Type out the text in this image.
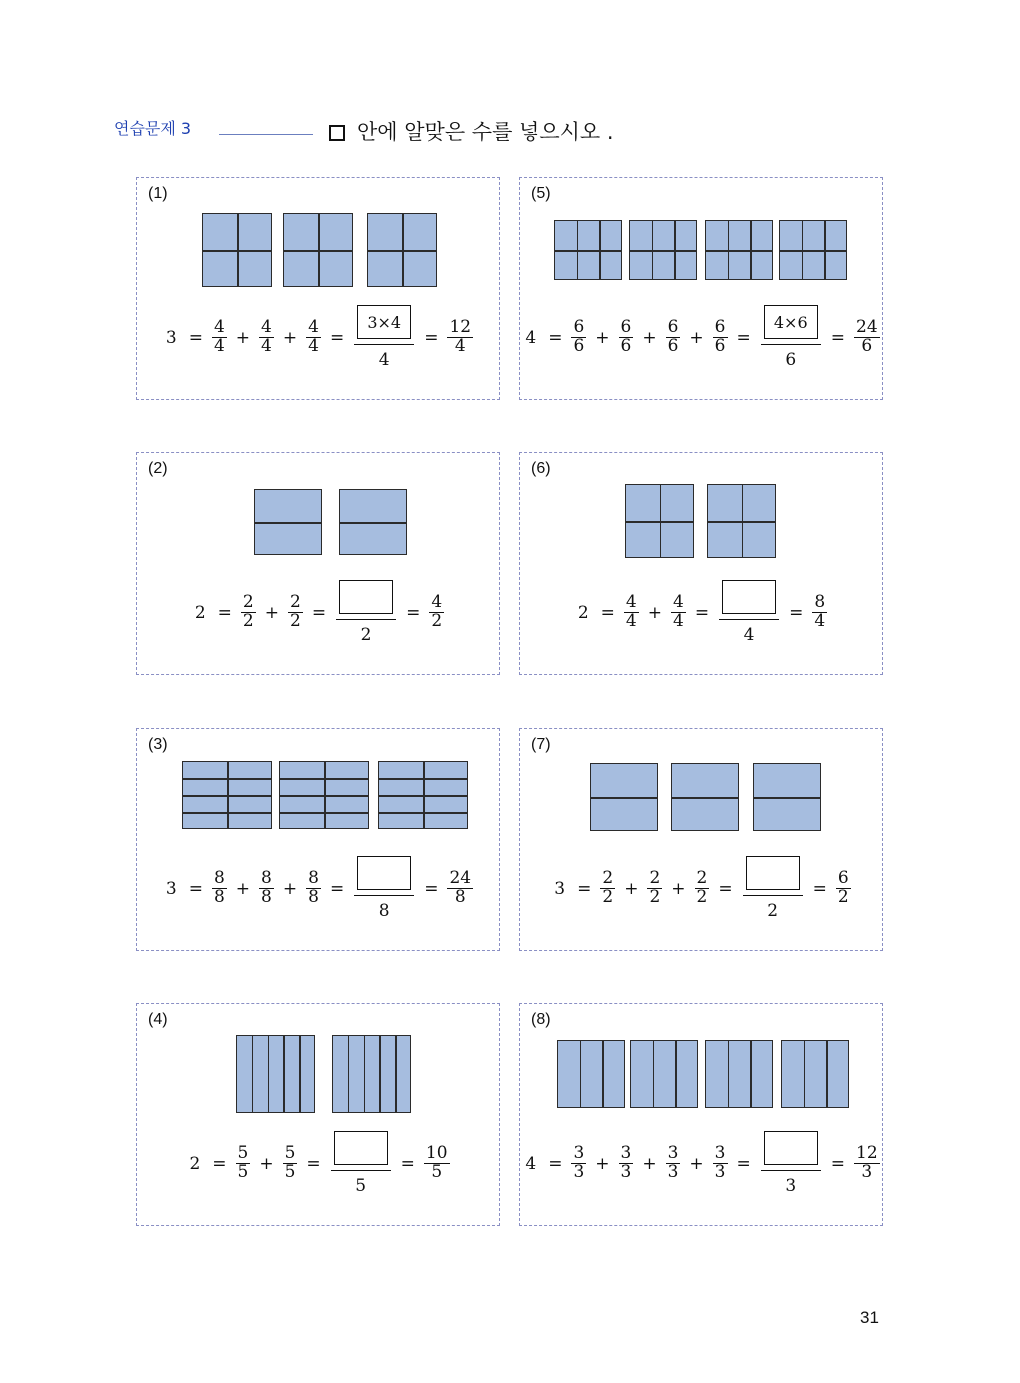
연습문제 3	안에 알맞은 수를 넣으시오 .
(1)
$3 = \frac{4}{4} + \frac{4}{4} + \frac{4}{4} = \frac{3\times 4}{4} = \frac{12}{4}$
(5)
$4 = \frac{6}{6} + \frac{6}{6} + \frac{6}{6} + \frac{6}{6} = \frac{4\times 6}{6} = \frac{24}{6}$
(2)
$2 = \frac{2}{2} + \frac{2}{2}$ =
2
= $\frac{4}{2}$
(6)
$2 = \frac{4}{4} + \frac{4}{4}$ =
4
= $\frac{8}{4}$
(3)
$3 = \frac{8}{8} + \frac{8}{8} + \frac{8}{8}$ =
8
= $\frac{24}{8}$
(7)
$3 = \frac{2}{2} + \frac{2}{2} + \frac{2}{2}$ =
2
= $\frac{6}{2}$
(4)
$2 = \frac{5}{5} + \frac{5}{5}$ =
5
= $\frac{10}{5}$
(8)
$4 = \frac{3}{3} + \frac{3}{3} + \frac{3}{3} + \frac{3}{3}$ =
3
= $\frac{12}{3}$
31
